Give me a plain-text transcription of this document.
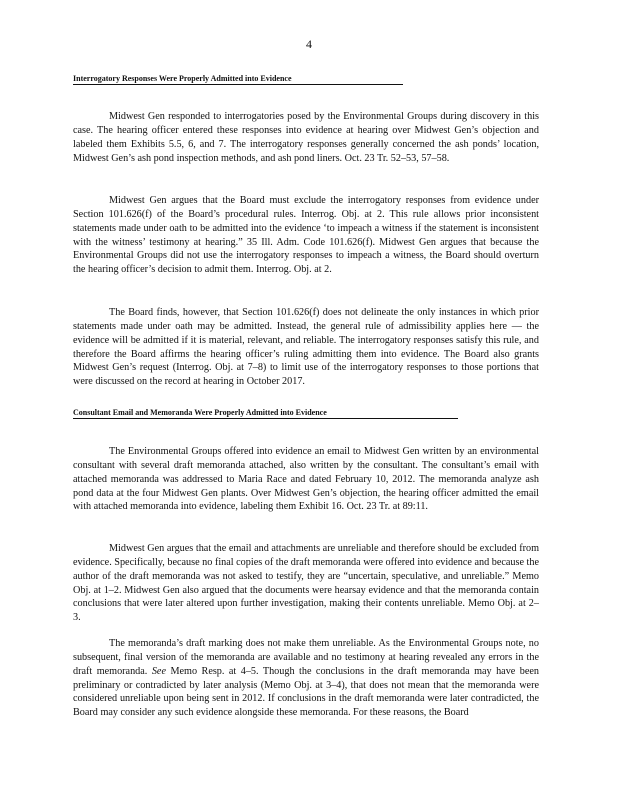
4
Interrogatory Responses Were Properly Admitted into Evidence

Midwest Gen responded to interrogatories posed by the Environmental Groups during discovery in this case. The hearing officer entered these responses into evidence at hearing over Midwest Gen’s objection and labeled them Exhibits 5.5, 6, and 7. The interrogatory responses generally concerned the ash ponds’ location, Midwest Gen’s ash pond inspection methods, and ash pond liners. Oct. 23 Tr. 52–53, 57–58.

Midwest Gen argues that the Board must exclude the interrogatory responses from evidence under Section 101.626(f) of the Board’s procedural rules. Interrog. Obj. at 2. This rule allows prior inconsistent statements made under oath to be admitted into the evidence ‘to impeach a witness if the statement is inconsistent with the witness’ testimony at hearing.” 35 Ill. Adm. Code 101.626(f). Midwest Gen argues that because the Environmental Groups did not use the interrogatory responses to impeach a witness, the Board should overturn the hearing officer’s decision to admit them. Interrog. Obj. at 2.

The Board finds, however, that Section 101.626(f) does not delineate the only instances in which prior statements made under oath may be admitted. Instead, the general rule of admissibility applies here — the evidence will be admitted if it is material, relevant, and reliable. The interrogatory responses satisfy this rule, and therefore the Board affirms the hearing officer’s ruling admitting them into evidence. The Board also grants Midwest Gen’s request (Interrog. Obj. at 7–8) to limit use of the interrogatory responses to those portions that were discussed on the record at hearing in October 2017.

Consultant Email and Memoranda Were Properly Admitted into Evidence

The Environmental Groups offered into evidence an email to Midwest Gen written by an environmental consultant with several draft memoranda attached, also written by the consultant. The consultant’s email with attached memoranda was addressed to Maria Race and dated February 10, 2012. The memoranda analyze ash pond data at the four Midwest Gen plants. Over Midwest Gen’s objection, the hearing officer admitted the email with attached memoranda into evidence, labeling them Exhibit 16. Oct. 23 Tr. at 89:11.

Midwest Gen argues that the email and attachments are unreliable and therefore should be excluded from evidence. Specifically, because no final copies of the draft memoranda were offered into evidence and because the author of the draft memoranda was not asked to testify, they are “uncertain, speculative, and unreliable.” Memo Obj. at 1–2. Midwest Gen also argued that the documents were hearsay evidence and that the memoranda contain conclusions that were later altered upon further investigation, making their contents unreliable. Memo Obj. at 2–3.

The memoranda’s draft marking does not make them unreliable. As the Environmental Groups note, no subsequent, final version of the memoranda are available and no testimony at hearing revealed any errors in the draft memoranda. See Memo Resp. at 4–5. Though the conclusions in the draft memoranda may have been preliminary or contradicted by later analysis (Memo Obj. at 3–4), that does not mean that the memoranda were considered unreliable upon being sent in 2012. If conclusions in the draft memoranda were later contradicted, the Board may consider any such evidence alongside these memoranda. For these reasons, the Board
